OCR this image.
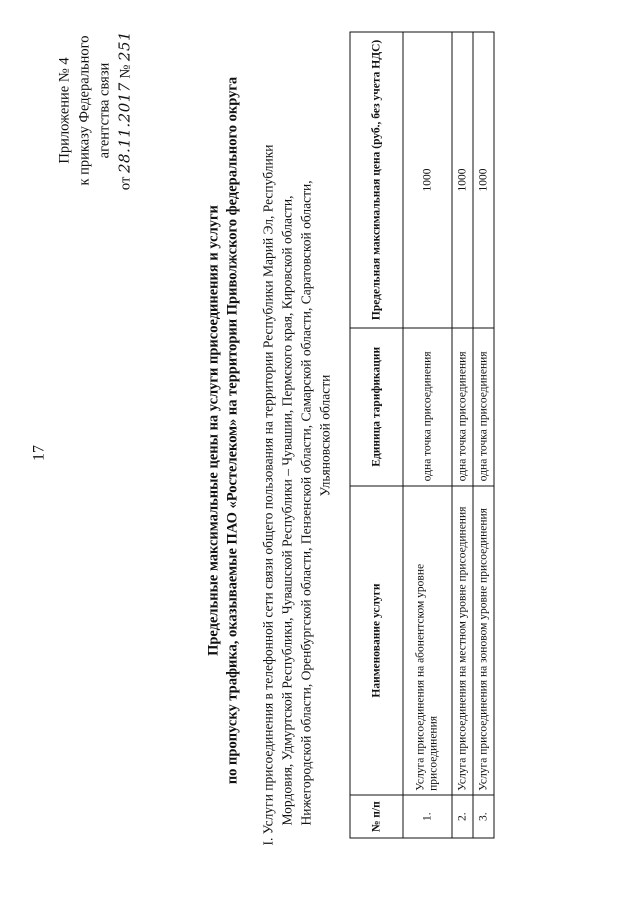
17
Приложение № 4 к приказу Федерального агентства связи
от 28.11.2017 № 251
Предельные максимальные цены на услуги присоединения и услуги по пропуску трафика, оказываемые ПАО «Ростелеком» на территории Приволжского федерального округа I. Услуги присоединения в телефонной сети связи общего пользования на территории Республики Марий Эл, Республики Мордовия, Удмуртской Республики, Чувашской Республики – Чувашии, Пермского края, Кировской области, Нижегородской области, Оренбургской области, Пензенской области, Самарской области, Саратовской области, Ульяновской области
№ п/п	Наименование услуги	Единица тарификации	Предельная максимальная цена (руб., без учета НДС)
1.	Услуга присоединения на абонентском уровне присоединения	одна точка присоединения	1000
2.	Услуга присоединения на местном уровне присоединения	одна точка присоединения	1000
3.	Услуга присоединения на зоновом уровне присоединения	одна точка присоединения	1000
